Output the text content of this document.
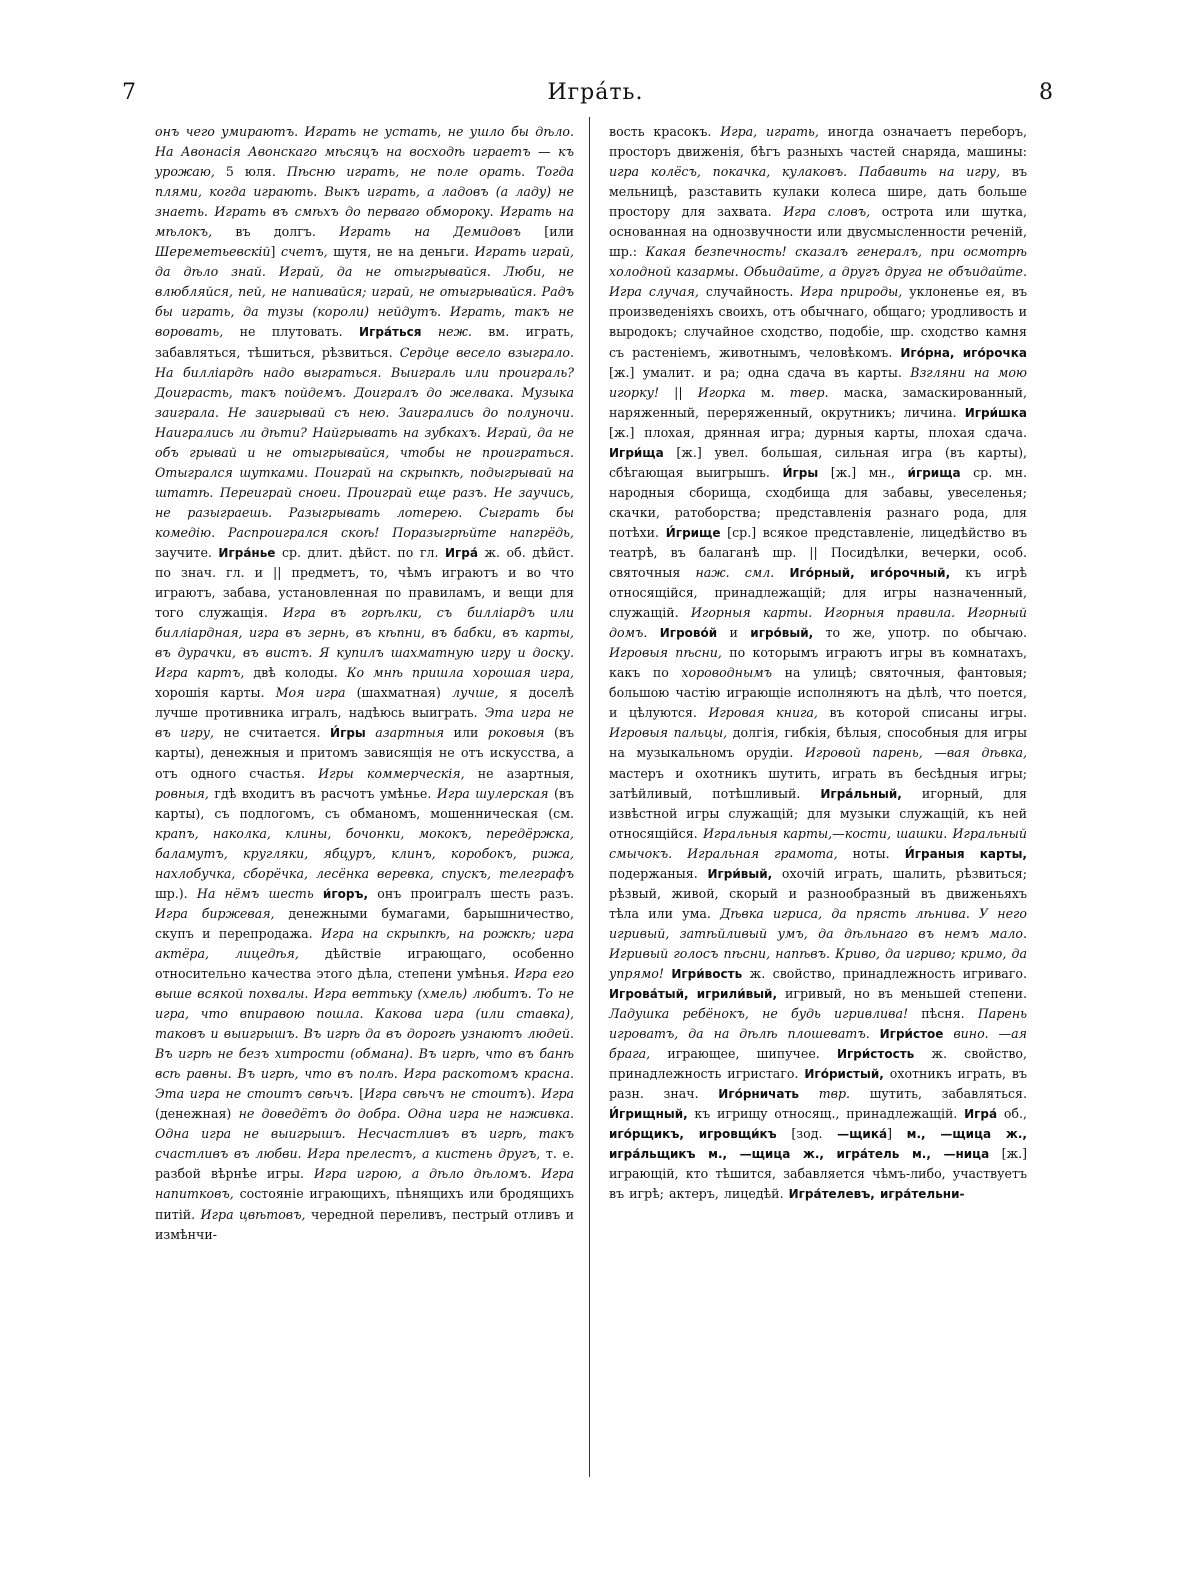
7	Игра́ть.	8

онъ чего умираютъ. Играть не устать, не ушло бы дѣло. На Авонасія Авонскаго мѣсяцъ на восходѣ играетъ — къ урожаю, 5 юля. Пѣсню играть, не поле орать. Тогда плями, когда играють. Выкъ играть, а ладовъ (а ладу) не знаеть. Играть въ смѣхъ до перваго обмороку. Играть на мѣлокъ, въ долгъ. Играть на Демидовъ [или Шереметьевскій] счетъ, шутя, не на деньги. Играть играй, да дѣло знай. Играй, да не отыгрывайся. Люби, не влюбляйся, пей, не напивайся; играй, не отыгрывайся. Радъ бы играть, да тузы (короли) нейдутъ. Играть, такъ не воровать, не плутовать. Игра́ться неж. вм. играть, забавляться, тѣшиться, рѣзвиться. Сердце весело взыграло. На билліардѣ надо выграться. Выиграль или проиграль? Доиграсть, такъ пойдемъ. Доигралъ до желвака. Музыка заиграла. Не заигрывай съ нею. Заигрались до полуночи. Наигрались ли дѣти? Найгрывать на зубкахъ. Играй, да не объ грывай и не отыгрывайся, чтобы не проиграться. Отыгрался шутками. Поиграй на скрыпкѣ, подыгрывай на штатѣ. Переиграй сноеи. Проиграй еще разъ. Не заучись, не разыграешь. Разыгрывать лотерею. Сыграть бы комедію. Распроигрался скоѣ! Поразыгрѣйте напгрёдь, заучите. Игра́нье ср. длит. дѣйст. по гл. Игра́ ж. об. дѣйст. по знач. гл. и || предметъ, то, чѣмъ играютъ и во что играютъ, забава, установленная по правиламъ, и вещи для того служащія. Игра въ горѣлки, съ билліардъ или билліардная, игра въ зернь, въ кѣпни, въ бабки, въ карты, въ дурачки, въ вистъ. Я купилъ шахматную игру и доску. Игра картъ, двѣ колоды. Ко мнѣ пришла хорошая игра, хорошія карты. Моя игра (шахматная) лучше, я доселѣ лучше противника игралъ, надѣюсь выиграть. Эта игра не въ игру, не считается. И́гры азартныя или роковыя (въ карты), денежныя и притомъ зависящія не отъ искусства, а отъ одного счастья. Игры коммерческія, не азартныя, ровныя, гдѣ входитъ въ расчотъ умѣнье. Игра шулерская (въ карты), съ подлогомъ, съ обманомъ, мошенническая (см. крапъ, наколка, клины, бочонки, мококъ, передёржка, баламутъ, кругляки, ябцуръ, клинъ, коробокъ, рижа, нахлобучка, сборёчка, лесёнка веревка, спускъ, телеграфъ шр.). На нёмъ шесть и́горъ, онъ проигралъ шесть разъ. Игра биржевая, денежными бумагами, барышничество, скупъ и перепродажа. Игра на скрыпкѣ, на рожкѣ; игра актёра, лицедѣя, дѣйствіе играющаго, особенно относительно качества этого дѣла, степени умѣнья. Игра его выше всякой похвалы. Игра веттьку (хмель) любитъ. То не игра, что впиравою пошла. Какова игра (или ставка), таковъ и выигрышъ. Въ игрѣ да въ дорогѣ узнаютъ людей. Въ игрѣ не безъ хитрости (обмана). Въ игрѣ, что въ банѣ всѣ равны. Въ игрѣ, что въ полѣ. Игра раскотомъ красна. Эта игра не стоитъ свѣчъ. [Игра свѣчъ не стоитъ). Игра (денежная) не доведётъ до добра. Одна игра не наживка. Одна игра не выигрышъ. Несчастливъ въ игрѣ, такъ счастливъ въ любви. Игра прелестъ, а кистень другъ, т. е. разбой вѣрнѣе игры. Игра игрою, а дѣло дѣломъ. Игра напитковъ, состояніе играющихъ, пѣнящихъ или бродящихъ питій. Игра цвѣтовъ, чередной переливъ, пестрый отливъ и измѣнчи-

вость красокъ. Игра, играть, иногда означаетъ переборъ, просторъ движенія, бѣгъ разныхъ частей снаряда, машины: игра колёсъ, покачка, кулаковъ. Пабавить на игру, въ мельницѣ, разставить кулаки колеса шире, дать больше простору для захвата. Игра словъ, острота или шутка, основанная на однозвучности или двусмысленности реченій, шр.: Какая безпечность! сказалъ генералъ, при осмотрѣ холодной казармы. Обьидайте, а другъ друга не объидайте. Игра случая, случайность. Игра природы, уклоненье ея, въ произведеніяхъ своихъ, отъ обычнаго, общаго; уродливость и выродокъ; случайное сходство, подобіе, шр. сходство камня съ растеніемъ, животнымъ, человѣкомъ. Иго́рна, иго́рочка [ж.] умалит. и ра; одна сдача въ карты. Взгляни на мою игорку! || Игорка м. твер. маска, замаскированный, наряженный, переряженный, окрутникъ; личина. Игри́шка [ж.] плохая, дрянная игра; дурныя карты, плохая сдача. Игри́ща [ж.] увел. большая, сильная игра (въ карты), сбѣгающая выигрышъ. И́гры [ж.] мн., и́грища ср. мн. народныя сборища, сходбища для забавы, увеселенья; скачки, ратоборства; представленія разнаго рода, для потѣхи. И́грище [ср.] всякое представленіе, лицедѣйство въ театрѣ, въ балаганѣ шр. || Посидѣлки, вечерки, особ. святочныя наж. смл. Иго́рный, иго́рочный, къ игрѣ относящійся, принадлежащій; для игры назначенный, служащій. Игорныя карты. Игорныя правила. Игорный домъ. Игрово́й и игро́вый, то же, употр. по обычаю. Игровыя пѣсни, по которымъ играютъ игры въ комнатахъ, какъ по хороводнымъ на улицѣ; святочныя, фантовыя; большою частію играющіе исполняютъ на дѣлѣ, что поется, и цѣлуются. Игровая книга, въ которой списаны игры. Игровыя пальцы, долгія, гибкія, бѣлыя, способныя для игры на музыкальномъ орудіи. Игровой парень, —вая дѣвка, мастеръ и охотникъ шутить, играть въ бесѣдныя игры; затѣйливый, потѣшливый. Игра́льный, игорный, для извѣстной игры служащій; для музыки служащій, къ ней относящійся. Игральныя карты,—кости, шашки. Игральный смычокъ. Игральная грамота, ноты. И́граныя карты, подержаныя. Игри́вый, охочій играть, шалить, рѣзвиться; рѣзвый, живой, скорый и разнообразный въ движеньяхъ тѣла или ума. Дѣвка игриса, да прясть лѣнива. У него игривый, затѣйливый умъ, да дѣльнаго въ немъ мало. Игривый голосъ пѣсни, напѣвъ. Криво, да игриво; кримо, да упрямо! Игри́вость ж. свойство, принадлежность игриваго. Игрова́тый, игрили́вый, игривый, но въ меньшей степени. Ладушка ребёнокъ, не будь игривлива! пѣсня. Парень игроватъ, да на дѣлѣ плошеватъ. Игри́стое вино. —ая брага, играющее, шипучее. Игри́стость ж. свойство, принадлежность игристаго. Иго́ристый, охотникъ играть, въ разн. знач. Иго́рничать твр. шутить, забавляться. И́грищный, къ игрищу относящ., принадлежащій. Игра́ об., иго́рщикъ, игровщи́къ [зод. —щика́] м., —щица ж., игра́льщикъ м., —щица ж., игра́тель м., —ница [ж.] играющій, кто тѣшится, забавляется чѣмъ-либо, участвуетъ въ игрѣ; актеръ, лицедѣй. Игра́телевъ, игра́тельни-
